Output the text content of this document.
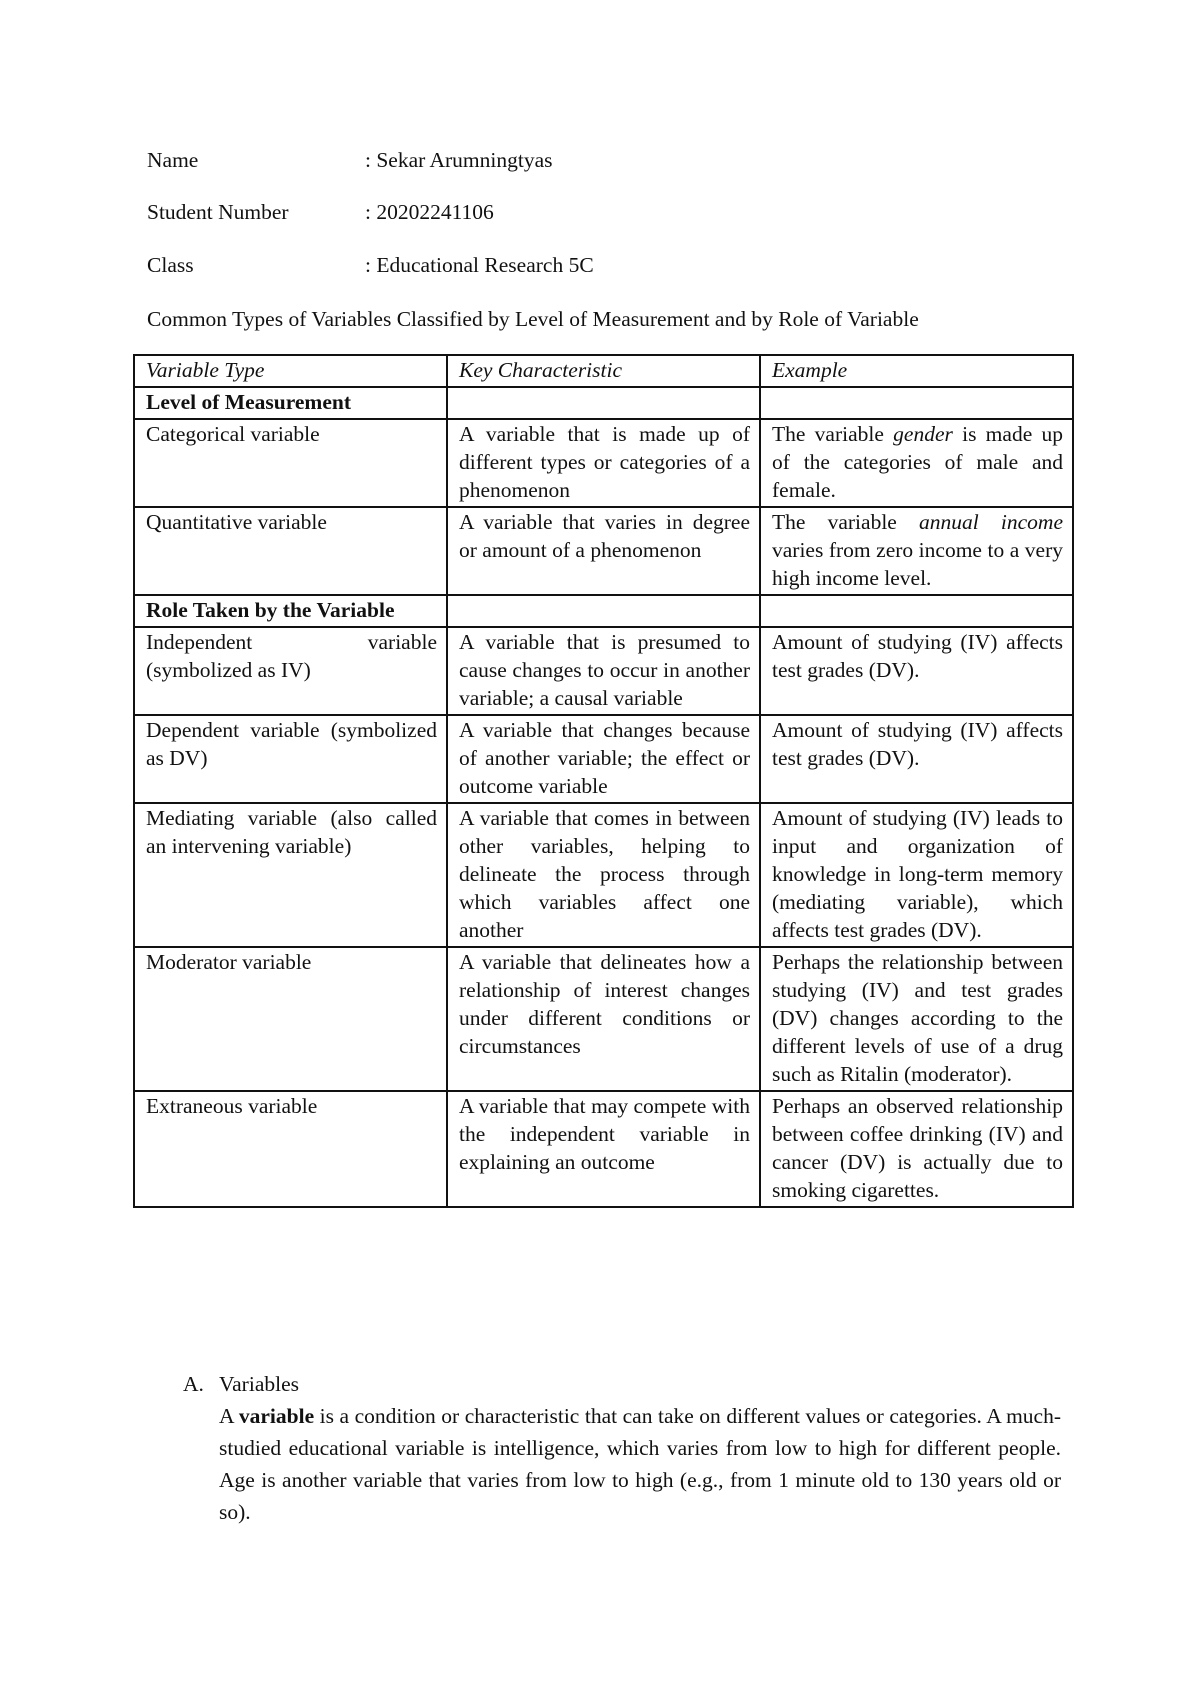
Name	: Sekar Arumningtyas
Student Number	: 20202241106
Class	: Educational Research 5C
Common Types of Variables Classified by Level of Measurement and by Role of Variable
Variable Type	Key Characteristic	Example
Level of Measurement		
Categorical variable	A variable that is made up of different types or categories of a phenomenon	The variable gender is made up of the categories of male and female.
Quantitative variable	A variable that varies in degree or amount of a phenomenon	The variable annual income varies from zero income to a very high income level.
Role Taken by the Variable		
Independent variable (symbolized as IV)	A variable that is presumed to cause changes to occur in another variable; a causal variable	Amount of studying (IV) affects test grades (DV).
Dependent variable (symbolized as DV)	A variable that changes because of another variable; the effect or outcome variable	Amount of studying (IV) affects test grades (DV).
Mediating variable (also called an intervening variable)	A variable that comes in between other variables, helping to delineate the process through which variables affect one another	Amount of studying (IV) leads to input and organization of knowledge in long-term memory (mediating variable), which affects test grades (DV).
Moderator variable	A variable that delineates how a relationship of interest changes under different conditions or circumstances	Perhaps the relationship between studying (IV) and test grades (DV) changes according to the different levels of use of a drug such as Ritalin (moderator).
Extraneous variable	A variable that may compete with the independent variable in explaining an outcome	Perhaps an observed relationship between coffee drinking (IV) and cancer (DV) is actually due to smoking cigarettes.
A. Variables
A variable is a condition or characteristic that can take on different values or categories. A much-studied educational variable is intelligence, which varies from low to high for different people. Age is another variable that varies from low to high (e.g., from 1 minute old to 130 years old or so).
